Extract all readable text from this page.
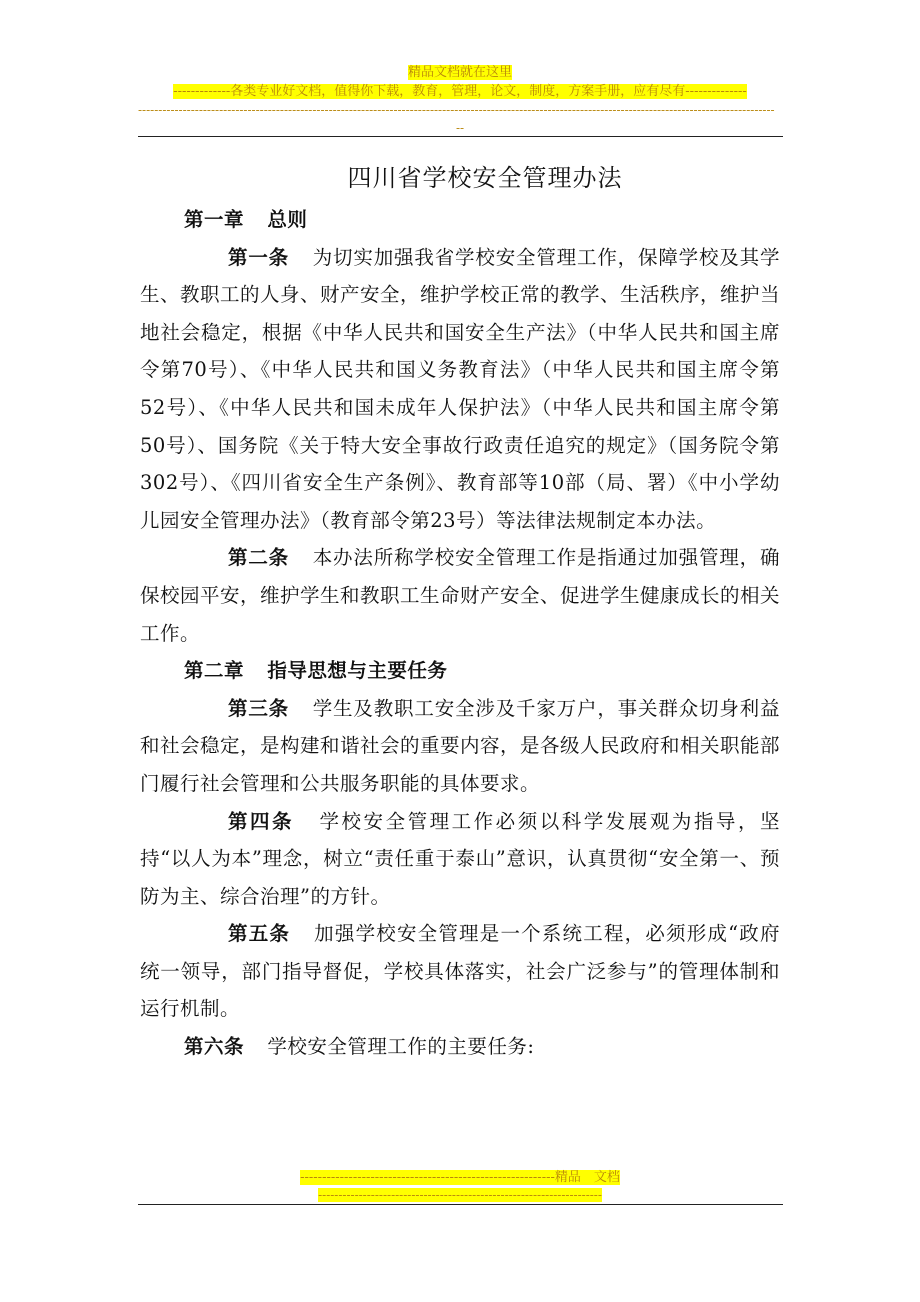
精品文档就在这里
-------------各类专业好文档，值得你下载，教育，管理，论文，制度，方案手册，应有尽有--------------
-------------------------------------------------------------------------------------------------------------------------------------------------------------
--
四川省学校安全管理办法

第一章 总则

第一条 为切实加强我省学校安全管理工作，保障学校及其学生、教职工的人身、财产安全，维护学校正常的教学、生活秩序，维护当地社会稳定，根据《中华人民共和国安全生产法》（中华人民共和国主席令第70号）、《中华人民共和国义务教育法》（中华人民共和国主席令第52号）、《中华人民共和国未成年人保护法》（中华人民共和国主席令第50号）、国务院《关于特大安全事故行政责任追究的规定》（国务院令第302号）、《四川省安全生产条例》、教育部等10部（局、署）《中小学幼儿园安全管理办法》（教育部令第23号）等法律法规制定本办法。

第二条 本办法所称学校安全管理工作是指通过加强管理，确保校园平安，维护学生和教职工生命财产安全、促进学生健康成长的相关工作。

第二章 指导思想与主要任务

第三条 学生及教职工安全涉及千家万户，事关群众切身利益和社会稳定，是构建和谐社会的重要内容，是各级人民政府和相关职能部门履行社会管理和公共服务职能的具体要求。

第四条 学校安全管理工作必须以科学发展观为指导，坚持“以人为本”理念，树立“责任重于泰山”意识，认真贯彻“安全第一、预防为主、综合治理”的方针。

第五条 加强学校安全管理是一个系统工程，必须形成“政府统一领导，部门指导督促，学校具体落实，社会广泛参与”的管理体制和运行机制。

第六条 学校安全管理工作的主要任务:

----------------------------------------------------------精品　文档
----------------------------------------------------------------------
